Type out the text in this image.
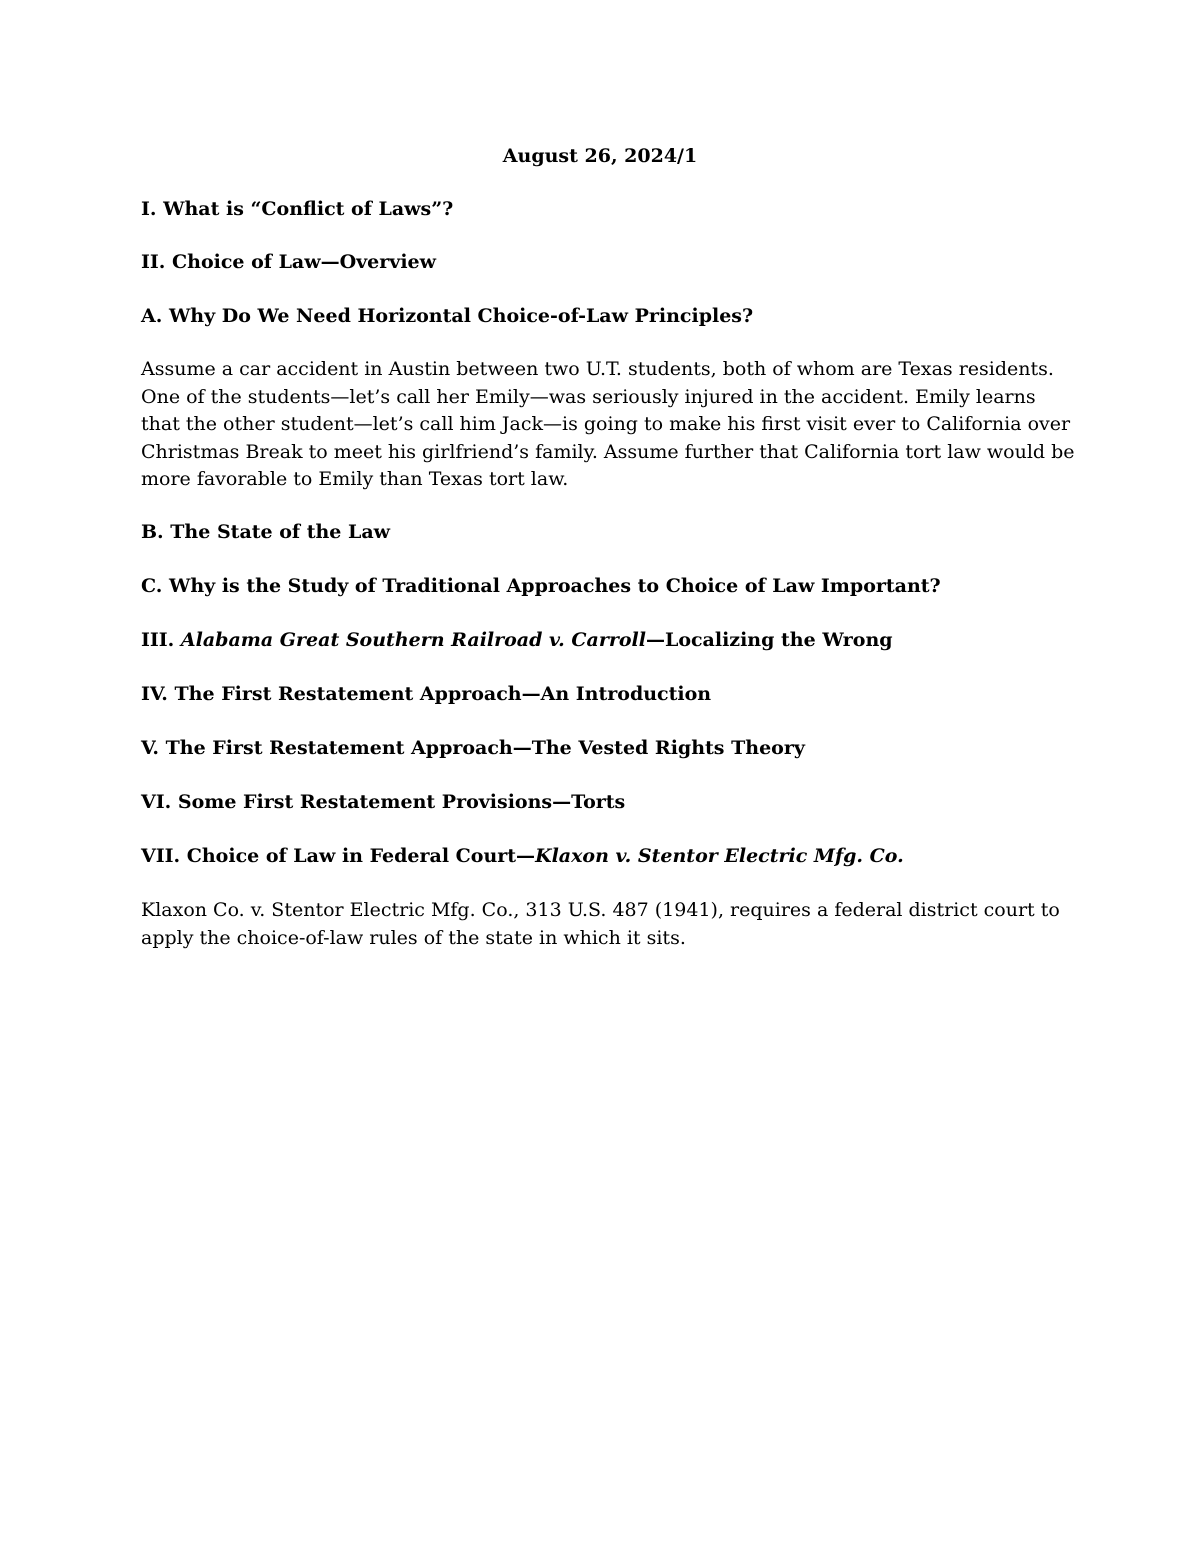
August 26, 2024/1
I. What is “Conflict of Laws”?
II. Choice of Law—Overview
A. Why Do We Need Horizontal Choice-of-Law Principles?
Assume a car accident in Austin between two U.T. students, both of whom are Texas residents.
One of the students—let’s call her Emily—was seriously injured in the accident. Emily learns
that the other student—let’s call him Jack—is going to make his first visit ever to California over
Christmas Break to meet his girlfriend’s family. Assume further that California tort law would be
more favorable to Emily than Texas tort law.
B. The State of the Law
C. Why is the Study of Traditional Approaches to Choice of Law Important?
III. Alabama Great Southern Railroad v. Carroll—Localizing the Wrong
IV. The First Restatement Approach—An Introduction
V. The First Restatement Approach—The Vested Rights Theory
VI. Some First Restatement Provisions—Torts
VII. Choice of Law in Federal Court—Klaxon v. Stentor Electric Mfg. Co.
Klaxon Co. v. Stentor Electric Mfg. Co., 313 U.S. 487 (1941), requires a federal district court to
apply the choice-of-law rules of the state in which it sits.
